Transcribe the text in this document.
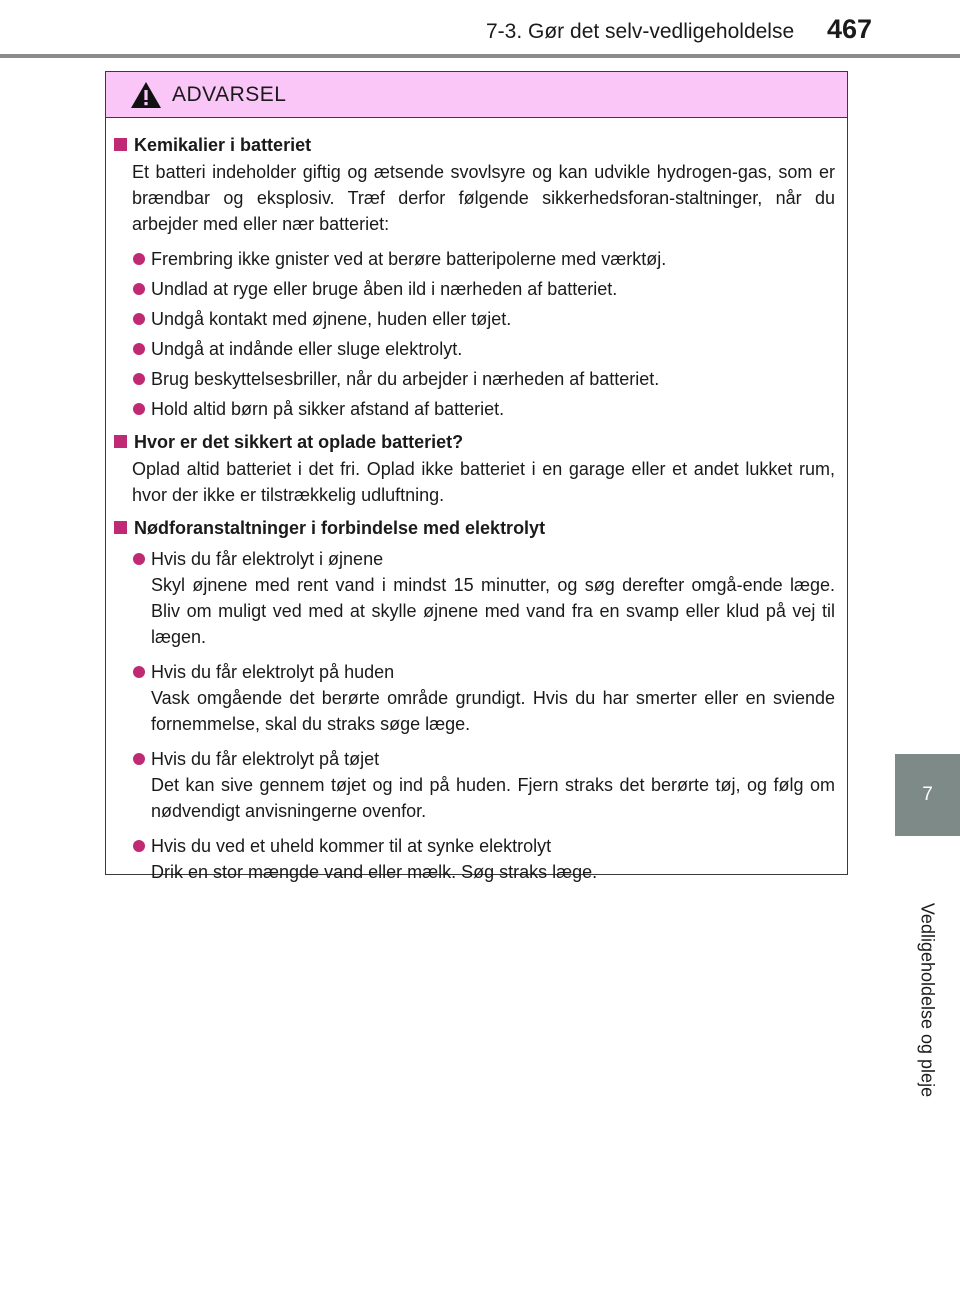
7-3. Gør det selv-vedligeholdelse 467
7
Vedligeholdelse og pleje
ADVARSEL
Kemikalier i batteriet
Et batteri indeholder giftig og ætsende svovlsyre og kan udvikle hydrogen-gas, som er brændbar og eksplosiv. Træf derfor følgende sikkerhedsforan-staltninger, når du arbejder med eller nær batteriet:
Frembring ikke gnister ved at berøre batteripolerne med værktøj.
Undlad at ryge eller bruge åben ild i nærheden af batteriet.
Undgå kontakt med øjnene, huden eller tøjet.
Undgå at indånde eller sluge elektrolyt.
Brug beskyttelsesbriller, når du arbejder i nærheden af batteriet.
Hold altid børn på sikker afstand af batteriet.
Hvor er det sikkert at oplade batteriet?
Oplad altid batteriet i det fri. Oplad ikke batteriet i en garage eller et andet lukket rum, hvor der ikke er tilstrækkelig udluftning.
Nødforanstaltninger i forbindelse med elektrolyt
Hvis du får elektrolyt i øjnene
Skyl øjnene med rent vand i mindst 15 minutter, og søg derefter omgå-ende læge. Bliv om muligt ved med at skylle øjnene med vand fra en svamp eller klud på vej til lægen.
Hvis du får elektrolyt på huden
Vask omgående det berørte område grundigt. Hvis du har smerter eller en sviende fornemmelse, skal du straks søge læge.
Hvis du får elektrolyt på tøjet
Det kan sive gennem tøjet og ind på huden. Fjern straks det berørte tøj, og følg om nødvendigt anvisningerne ovenfor.
Hvis du ved et uheld kommer til at synke elektrolyt
Drik en stor mængde vand eller mælk. Søg straks læge.
